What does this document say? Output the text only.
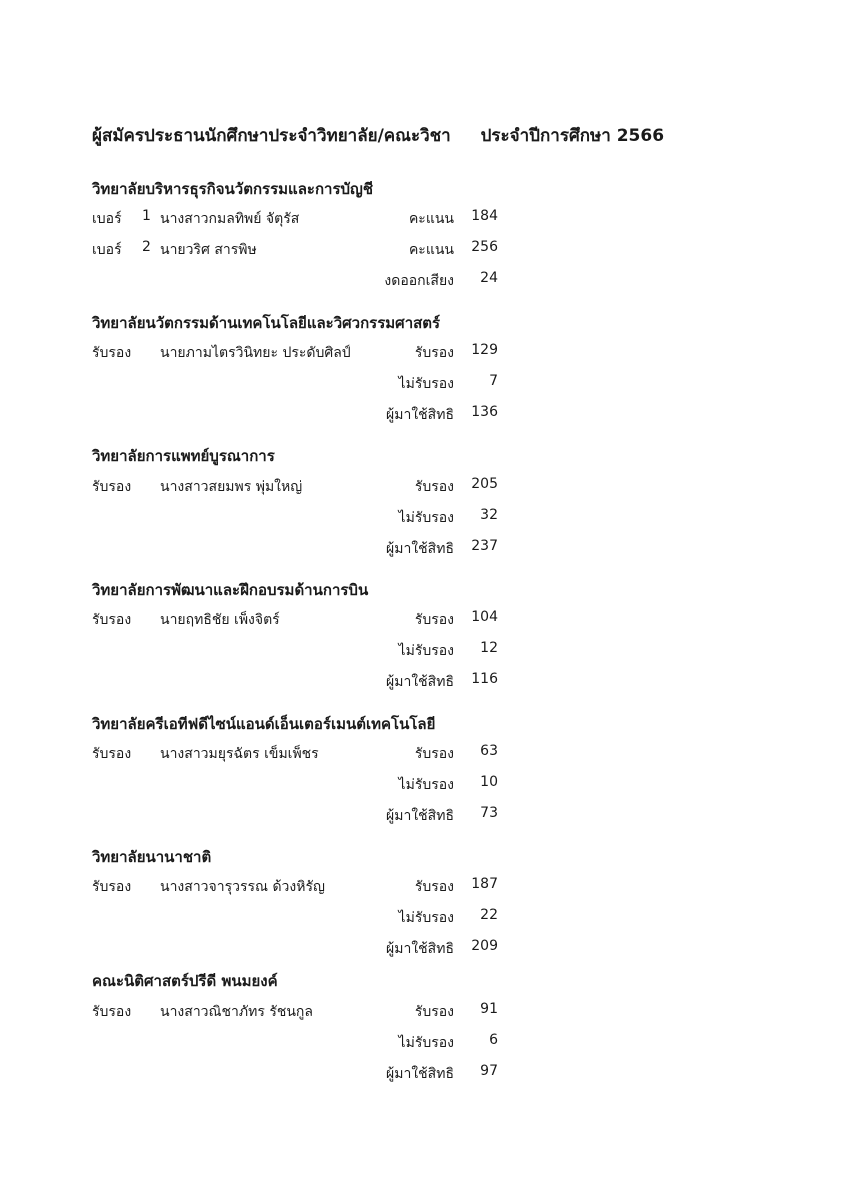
ผู้สมัครประธานนักศึกษาประจำวิทยาลัย/คณะวิชา ประจำปีการศึกษา 2566
วิทยาลัยบริหารธุรกิจนวัตกรรมและการบัญชี
เบอร์ 1 นางสาวกมลทิพย์ จัตุรัส	คะแนน 184
เบอร์ 2 นายวริศ สารพิษ	คะแนน 256
งดออกเสียง 24
วิทยาลัยนวัตกรรมด้านเทคโนโลยีและวิศวกรรมศาสตร์
รับรอง นายภามไตรวินิทยะ ประดับศิลป์	รับรอง 129
ไม่รับรอง	7
ผู้มาใช้สิทธิ 136
วิทยาลัยการแพทย์บูรณาการ
รับรอง นางสาวสยมพร พุ่มใหญ่	รับรอง 205
ไม่รับรอง 32
ผู้มาใช้สิทธิ 237
วิทยาลัยการพัฒนาและฝึกอบรมด้านการบิน
รับรอง นายฤทธิชัย เพ็งจิตร์	รับรอง 104
ไม่รับรอง 12
ผู้มาใช้สิทธิ 116
วิทยาลัยครีเอทีฟดีไซน์แอนด์เอ็นเตอร์เมนต์เทคโนโลยี
รับรอง นางสาวมยุรฉัตร เข็มเพ็ชร	รับรอง 63
ไม่รับรอง 10
ผู้มาใช้สิทธิ 73
วิทยาลัยนานาชาติ
รับรอง นางสาวจารุวรรณ ด้วงหิรัญ	รับรอง 187
ไม่รับรอง 22
ผู้มาใช้สิทธิ 209
คณะนิติศาสตร์ปรีดี พนมยงค์
รับรอง นางสาวณิชาภัทร รัชนกูล	รับรอง 91
ไม่รับรอง	6
ผู้มาใช้สิทธิ 97
